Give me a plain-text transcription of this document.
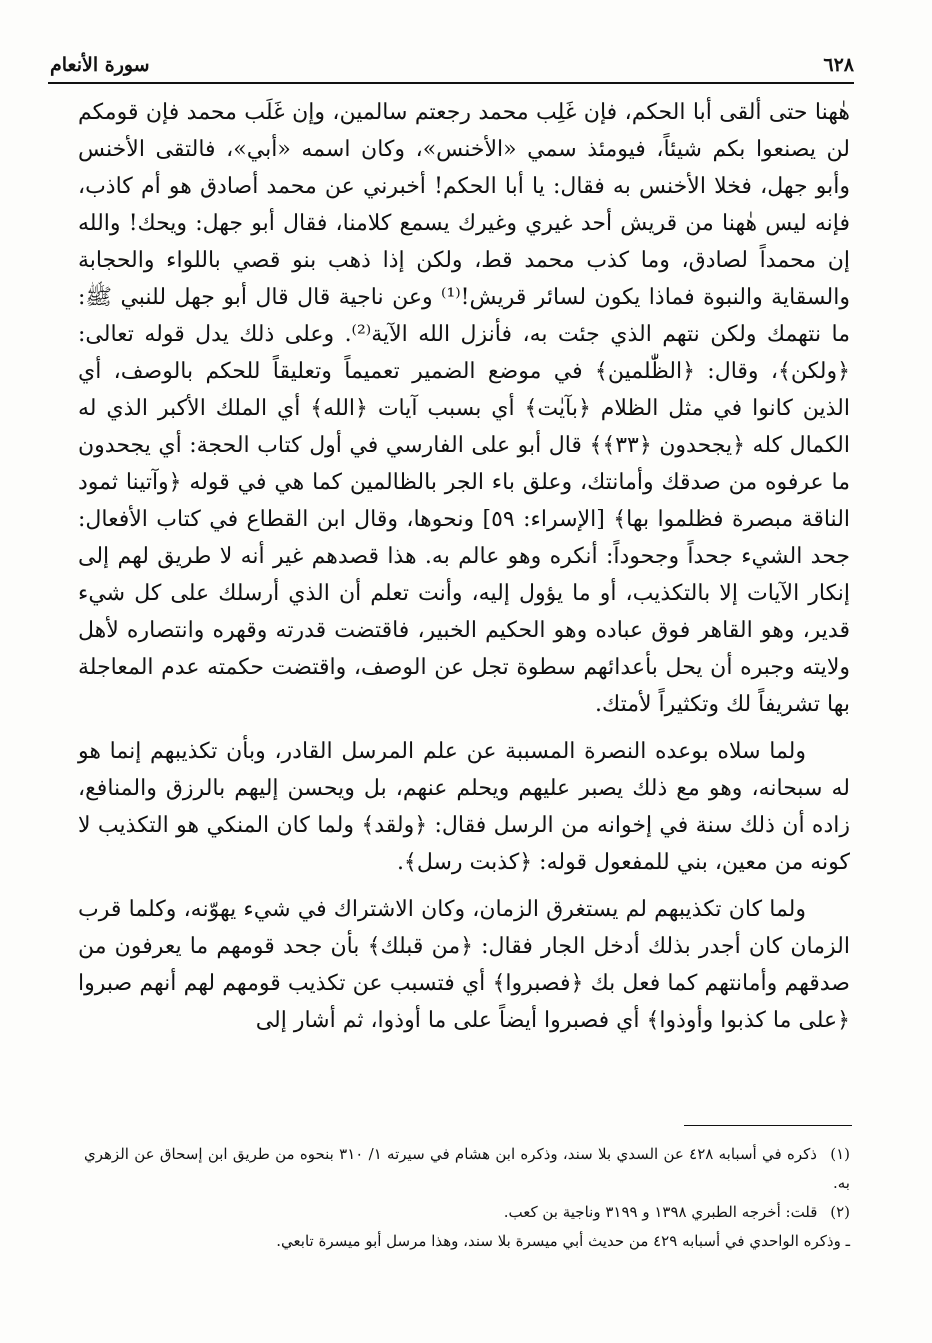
٦٢٨
سورة الأنعام

هٰهنا حتى ألقى أبا الحكم، فإن غَلِب محمد رجعتم سالمين، وإن غَلَب محمد فإن قومكم لن يصنعوا بكم شيئاً، فيومئذ سمي «الأخنس»، وكان اسمه «أبي»، فالتقى الأخنس وأبو جهل، فخلا الأخنس به فقال: يا أبا الحكم! أخبرني عن محمد أصادق هو أم كاذب، فإنه ليس هٰهنا من قريش أحد غيري وغيرك يسمع كلامنا، فقال أبو جهل: ويحك! والله إن محمداً لصادق، وما كذب محمد قط، ولكن إذا ذهب بنو قصي باللواء والحجابة والسقاية والنبوة فماذا يكون لسائر قريش!⁽¹⁾ وعن ناجية قال قال أبو جهل للنبي ﷺ: ما نتهمك ولكن نتهم الذي جئت به، فأنزل الله الآية⁽²⁾. وعلى ذلك يدل قوله تعالى: ﴿ولكن﴾، وقال: ﴿الظّٰلمين﴾ في موضع الضمير تعميماً وتعليقاً للحكم بالوصف، أي الذين كانوا في مثل الظلام ﴿بآيٰت﴾ أي بسبب آيات ﴿الله﴾ أي الملك الأكبر الذي له الكمال كله ﴿يجحدون ﴿٣٣﴾﴾ قال أبو على الفارسي في أول كتاب الحجة: أي يجحدون ما عرفوه من صدقك وأمانتك، وعلق باء الجر بالظالمين كما هي في قوله ﴿وآتينا ثمود الناقة مبصرة فظلموا بها﴾ [الإسراء: ٥٩] ونحوها، وقال ابن القطاع في كتاب الأفعال: جحد الشيء جحداً وجحوداً: أنكره وهو عالم به. هذا قصدهم غير أنه لا طريق لهم إلى إنكار الآيات إلا بالتكذيب، أو ما يؤول إليه، وأنت تعلم أن الذي أرسلك على كل شيء قدير، وهو القاهر فوق عباده وهو الحكيم الخبير، فاقتضت قدرته وقهره وانتصاره لأهل ولايته وجبره أن يحل بأعدائهم سطوة تجل عن الوصف، واقتضت حكمته عدم المعاجلة بها تشريفاً لك وتكثيراً لأمتك.

ولما سلاه بوعده النصرة المسببة عن علم المرسل القادر، وبأن تكذيبهم إنما هو له سبحانه، وهو مع ذلك يصبر عليهم ويحلم عنهم، بل ويحسن إليهم بالرزق والمنافع، زاده أن ذلك سنة في إخوانه من الرسل فقال: ﴿ولقد﴾ ولما كان المنكي هو التكذيب لا كونه من معين، بني للمفعول قوله: ﴿كذبت رسل﴾.

ولما كان تكذيبهم لم يستغرق الزمان، وكان الاشتراك في شيء يهوّنه، وكلما قرب الزمان كان أجدر بذلك أدخل الجار فقال: ﴿من قبلك﴾ بأن جحد قومهم ما يعرفون من صدقهم وأمانتهم كما فعل بك ﴿فصبروا﴾ أي فتسبب عن تكذيب قومهم لهم أنهم صبروا ﴿على ما كذبوا وأوذوا﴾ أي فصبروا أيضاً على ما أوذوا، ثم أشار إلى

(١) ذكره في أسبابه ٤٢٨ عن السدي بلا سند، وذكره ابن هشام في سيرته ١/ ٣١٠ بنحوه من طريق ابن إسحاق عن الزهري به.

(٢) قلت: أخرجه الطبري ١٣٩٨ و ٣١٩٩ وناجية بن كعب.

ـ وذكره الواحدي في أسبابه ٤٢٩ من حديث أبي ميسرة بلا سند، وهذا مرسل أبو ميسرة تابعي.
